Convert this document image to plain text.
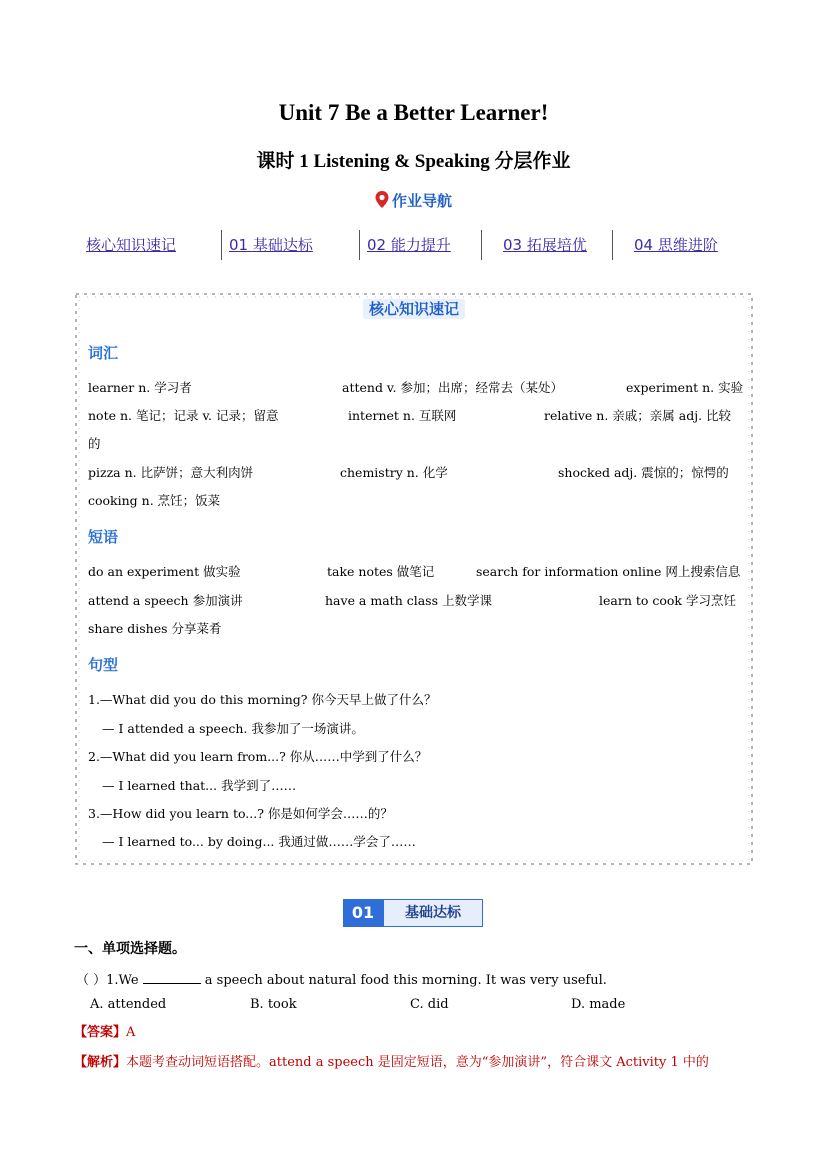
Unit 7 Be a Better Learner!
课时 1 Listening & Speaking 分层作业
作业导航
核心知识速记	01 基础达标	02 能力提升	03 拓展培优	04 思维进阶
核心知识速记
词汇
learner n. 学习者	attend v. 参加；出席；经常去（某处）	experiment n. 实验
note n. 笔记；记录 v. 记录；留意	internet n. 互联网	relative n. 亲戚；亲属 adj. 比较
的
pizza n. 比萨饼；意大利肉饼	chemistry n. 化学	shocked adj. 震惊的；惊愕的
cooking n. 烹饪；饭菜
短语
do an experiment 做实验	take notes 做笔记	search for information online 网上搜索信息
attend a speech 参加演讲	have a math class 上数学课	learn to cook 学习烹饪
share dishes 分享菜肴
句型
1.—What did you do this morning? 你今天早上做了什么？
— I attended a speech. 我参加了一场演讲。
2.—What did you learn from...? 你从……中学到了什么？
— I learned that... 我学到了……
3.—How did you learn to...? 你是如何学会……的？
— I learned to... by doing... 我通过做……学会了……
01	基础达标
一、单项选择题。
（ ）1.We	a speech about natural food this morning. It was very useful.
A. attended	B. took	C. did	D. made
【答案】A
【解析】本题考查动词短语搭配。attend a speech 是固定短语，意为“参加演讲”，符合课文 Activity 1 中的
